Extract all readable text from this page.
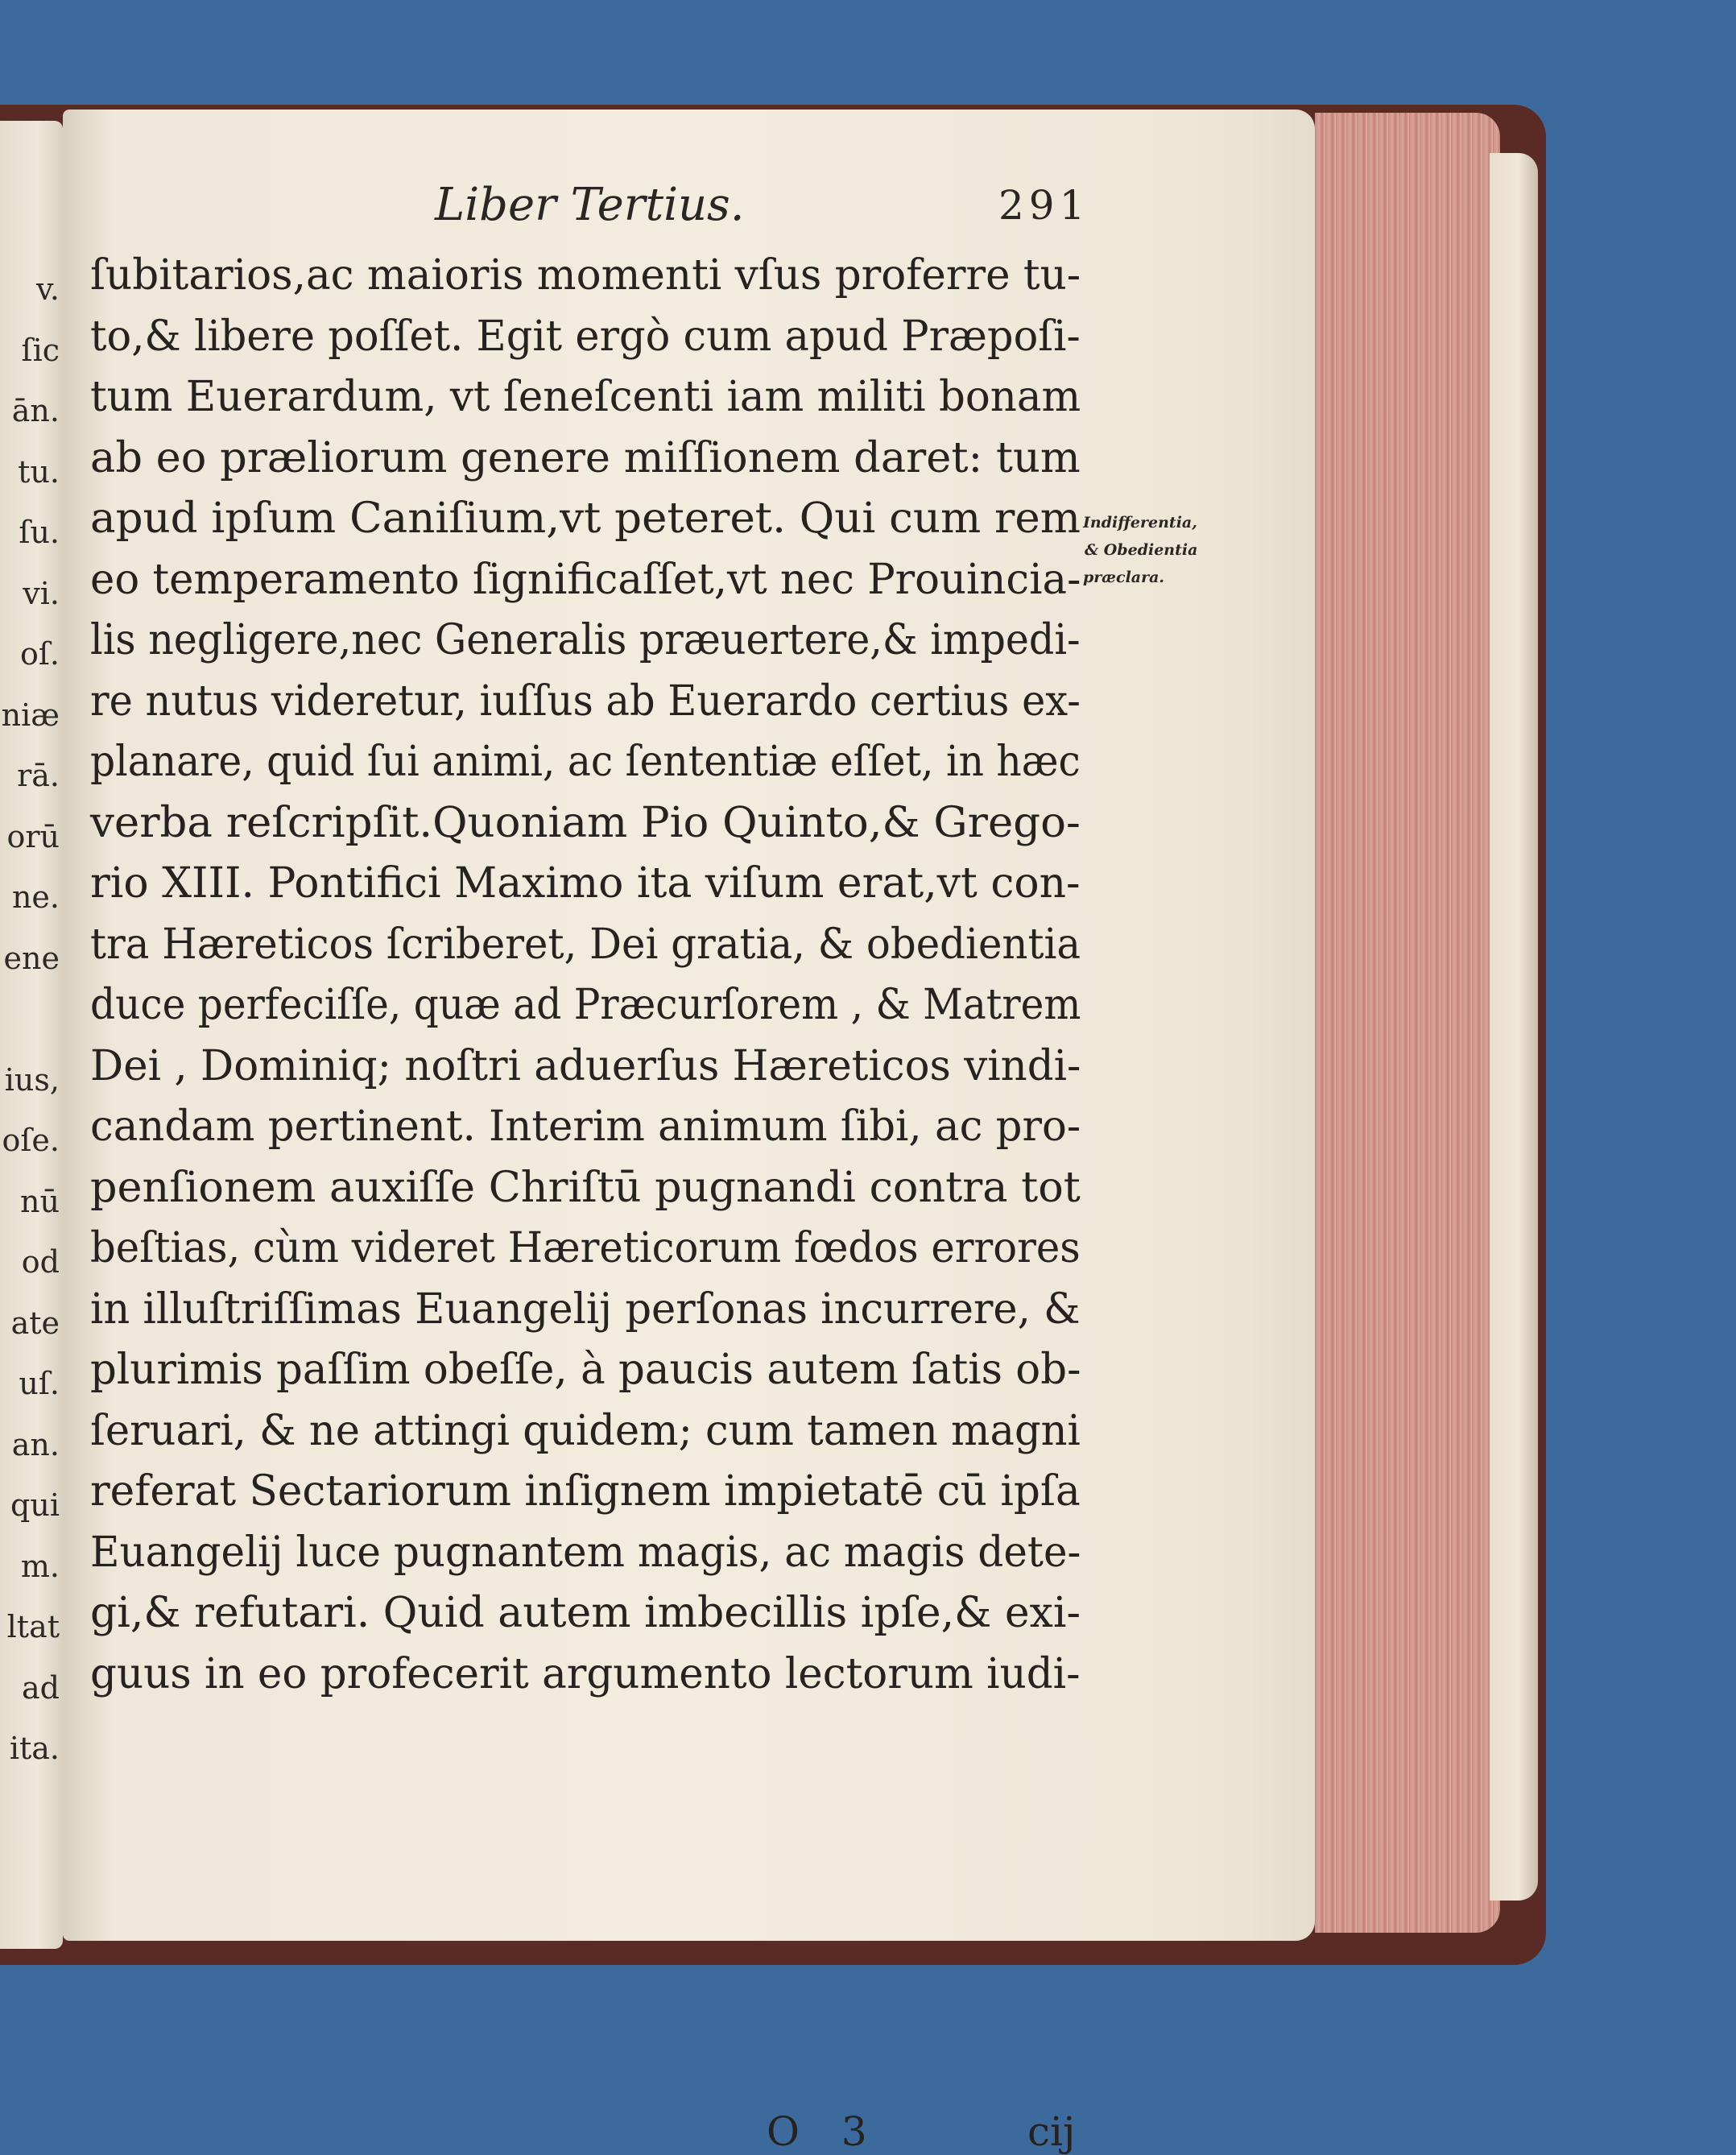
v.
ſic
ān.
tu.
ſu.
vi.
oſ.
niæ
rā.
orū
ne.
ene
ius,
oſe.
nū
od
ate
uſ.
an.
qui
m.
ltat
ad
ita.
Liber Tertius.	291
ſubitarios,ac maioris momenti vſus proferre tu-
to,& libere poſſet. Egit ergò cum apud Præpoſi-
tum Euerardum, vt ſeneſcenti iam militi bonam
ab eo præliorum genere miſſionem daret: tum
apud ipſum Caniſium,vt peteret. Qui cum rem
eo temperamento ſignificaſſet,vt nec Prouincia-
lis negligere,nec Generalis præuertere,& impedi-
re nutus videretur, iuſſus ab Euerardo certius ex-
planare, quid ſui animi, ac ſententiæ eſſet, in hæc
verba reſcripſit.Quoniam Pio Quinto,& Grego-
rio XIII. Pontifici Maximo ita viſum erat,vt con-
tra Hæreticos ſcriberet, Dei gratia, & obedientia
duce perfeciſſe, quæ ad Præcurſorem , & Matrem
Dei , Dominiq; noſtri aduerſus Hæreticos vindi-
candam pertinent. Interim animum ſibi, ac pro-
penſionem auxiſſe Chriſtū pugnandi contra tot
beſtias, cùm videret Hæreticorum fœdos errores
in illuſtriſſimas Euangelij perſonas incurrere, &
plurimis paſſim obeſſe, à paucis autem ſatis ob-
ſeruari, & ne attingi quidem; cum tamen magni
referat Sectariorum inſignem impietatē cū ipſa
Euangelij luce pugnantem magis, ac magis dete-
gi,& refutari. Quid autem imbecillis ipſe,& exi-
guus in eo profecerit argumento lectorum iudi-
Indifferentia,
& Obedientia
præclara.
O 3	cij
